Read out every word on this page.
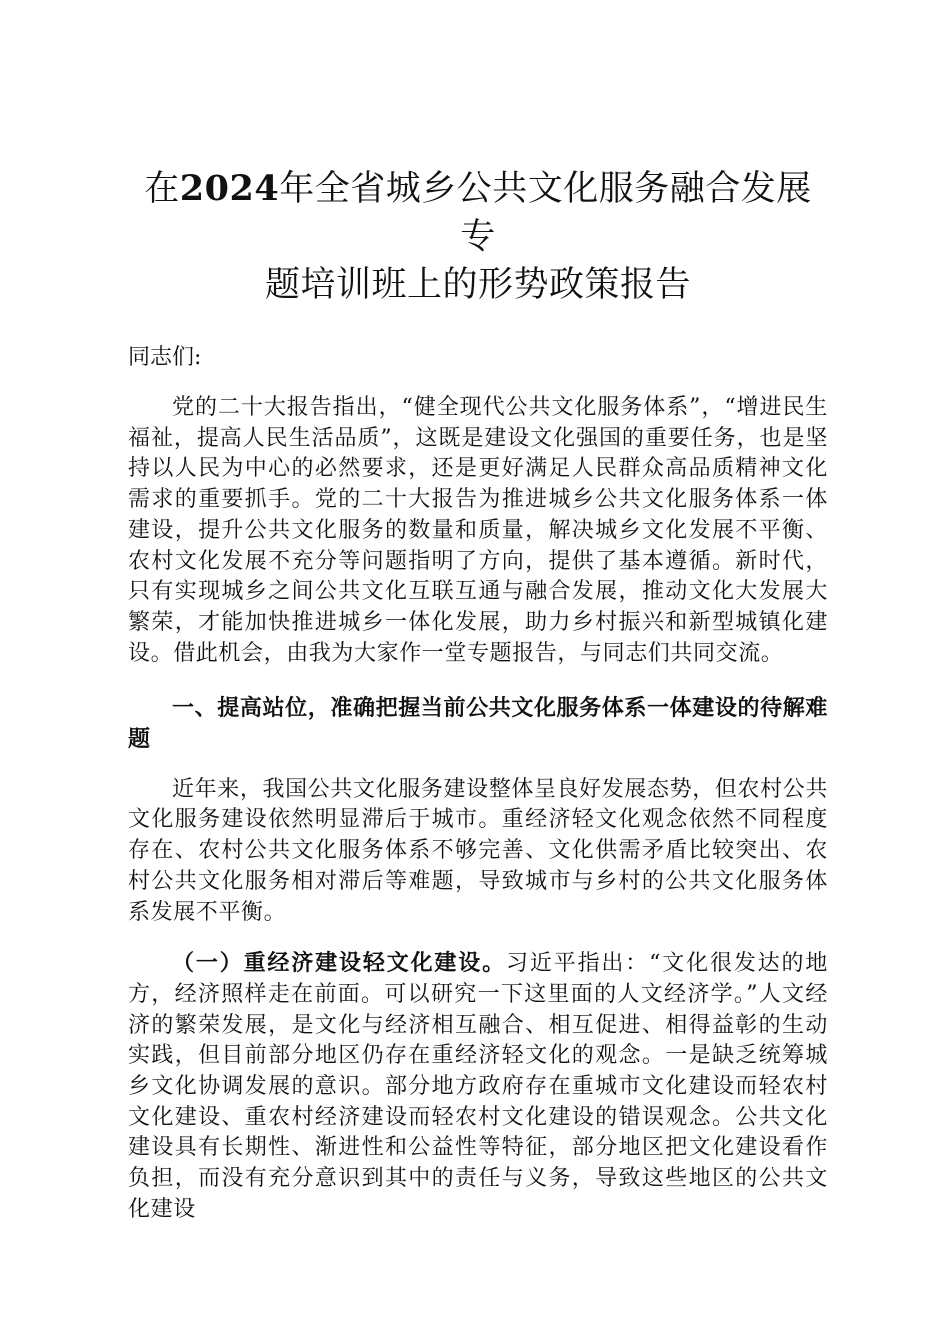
在2024年全省城乡公共文化服务融合发展专
题培训班上的形势政策报告
同志们:

党的二十大报告指出，“健全现代公共文化服务体系”，“增进民生福祉，提高人民生活品质”，这既是建设文化强国的重要任务，也是坚持以人民为中心的必然要求，还是更好满足人民群众高品质精神文化需求的重要抓手。党的二十大报告为推进城乡公共文化服务体系一体建设，提升公共文化服务的数量和质量，解决城乡文化发展不平衡、农村文化发展不充分等问题指明了方向，提供了基本遵循。新时代，只有实现城乡之间公共文化互联互通与融合发展，推动文化大发展大繁荣，才能加快推进城乡一体化发展，助力乡村振兴和新型城镇化建设。借此机会，由我为大家作一堂专题报告，与同志们共同交流。

一、提高站位，准确把握当前公共文化服务体系一体建设的待解难题

近年来，我国公共文化服务建设整体呈良好发展态势，但农村公共文化服务建设依然明显滞后于城市。重经济轻文化观念依然不同程度存在、农村公共文化服务体系不够完善、文化供需矛盾比较突出、农村公共文化服务相对滞后等难题，导致城市与乡村的公共文化服务体系发展不平衡。

（一）重经济建设轻文化建设。习近平指出：“文化很发达的地方，经济照样走在前面。可以研究一下这里面的人文经济学。”人文经济的繁荣发展，是文化与经济相互融合、相互促进、相得益彰的生动实践，但目前部分地区仍存在重经济轻文化的观念。一是缺乏统筹城乡文化协调发展的意识。部分地方政府存在重城市文化建设而轻农村文化建设、重农村经济建设而轻农村文化建设的错误观念。公共文化建设具有长期性、渐进性和公益性等特征，部分地区把文化建设看作负担，而没有充分意识到其中的责任与义务，导致这些地区的公共文化建设
